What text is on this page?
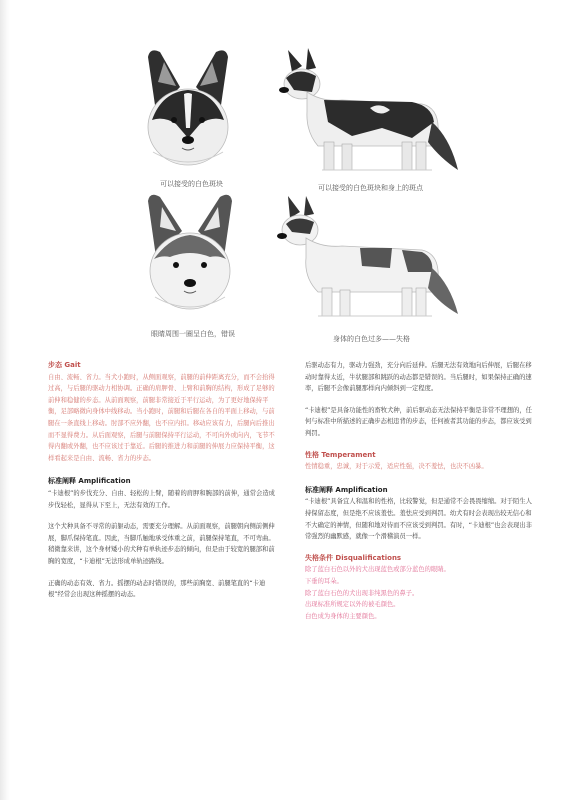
可以接受的白色斑块	可以接受的白色斑块和身上的斑点
眼睛周围一圈呈白色，错误
身体的白色过多——失格
步态 Gait

自由、流畅、省力。当犬小跑时，从侧面观察，前腿的前伸距离充分，而不会抬得过高，与后腿的驱动力相协调。正确的肩胛骨、上臂和前胸的结构，形成了足够的前伸和稳健的步态。从前面观察，前腿非常接近于平行运动，为了更好地保持平衡，足部略微向身体中线移动。当小跑时，前腿和后腿在各自的平面上移动，与前腿在一条直线上移动。肘部不应外翻，也不应内扣。移动应该有力，后腿向后推出而不显得费力。从后面观察，后腿与前腿保持平行运动，不可向外或向内，飞节不得内翻或外翻，也不应该过于靠近。后腿的推进力和前腿的伸展力应保持平衡，这样看起来是自由、流畅、省力的步态。

标准阐释 Amplification

“卡迪根”的步伐充分、自由、轻松的上臂，随着的肩胛和腕部的前伸，通常会造成步伐轻松，显得从下至上，无法有效的工作。

这个犬种具备不寻常的前躯动态，需要充分理解。从前面观察，前腿朝向侧前侧伸展，脚爪保持笔直。因此，当脚爪触地承受体重之前，前腿保持笔直，不可弯曲。稍微靠来讲，这个身材矮小的犬种有单轨迹步态的倾向，但是由于较宽的腿部和前胸的宽度，“卡迪根”无法形成单轨迹路线。

正确的动态有效、省力。摇摆的动态时错误的，那些前胸宽、前腿笔直的“卡迪根”经常会出现这种摇摆的动态。

后驱动态有力，驱动力强劲，充分向后延伸。后腿无法有效地向后伸展，后腿在移动时靠得太近，牛状腿部和跳跃的动态都是错误的。当后腿时，如果保持正确的速率，后腿不会像前腿那样向内倾斜到一定程度。

“卡迪根”是具备功能性的畜牧犬种，前后驱动态无法保持平衡是非常不理想的，任何与标准中所描述的正确步态相违背的步态，任何被者其功能的步态，都应该受到判罚。

性格 Temperament

性情稳重，忠诚，对于示爱，适应性强，决不羞怯，也决不凶暴。

标准阐释 Amplification

“卡迪根”具备宜人和温和的性格，比较警觉，但是通常不会畏畏缩缩。对于陌生人持保留态度，但是绝不应该羞怯。羞怯应受到判罚。幼犬有时会表现出较无信心和不大确定的神情，但随和地对待而不应该受到判罚。有时，“卡迪根”也会表现出非常强烈的幽默感，就像一个滑稽演员一样。

失格条件 Disqualifications

除了蓝白石色以外的犬出现蓝色或部分蓝色的眼睛。

下垂的耳朵。

除了蓝白石色的犬出现非纯黑色的鼻子。

出现标准所规定以外的被毛颜色。

白色成为身体的主要颜色。
